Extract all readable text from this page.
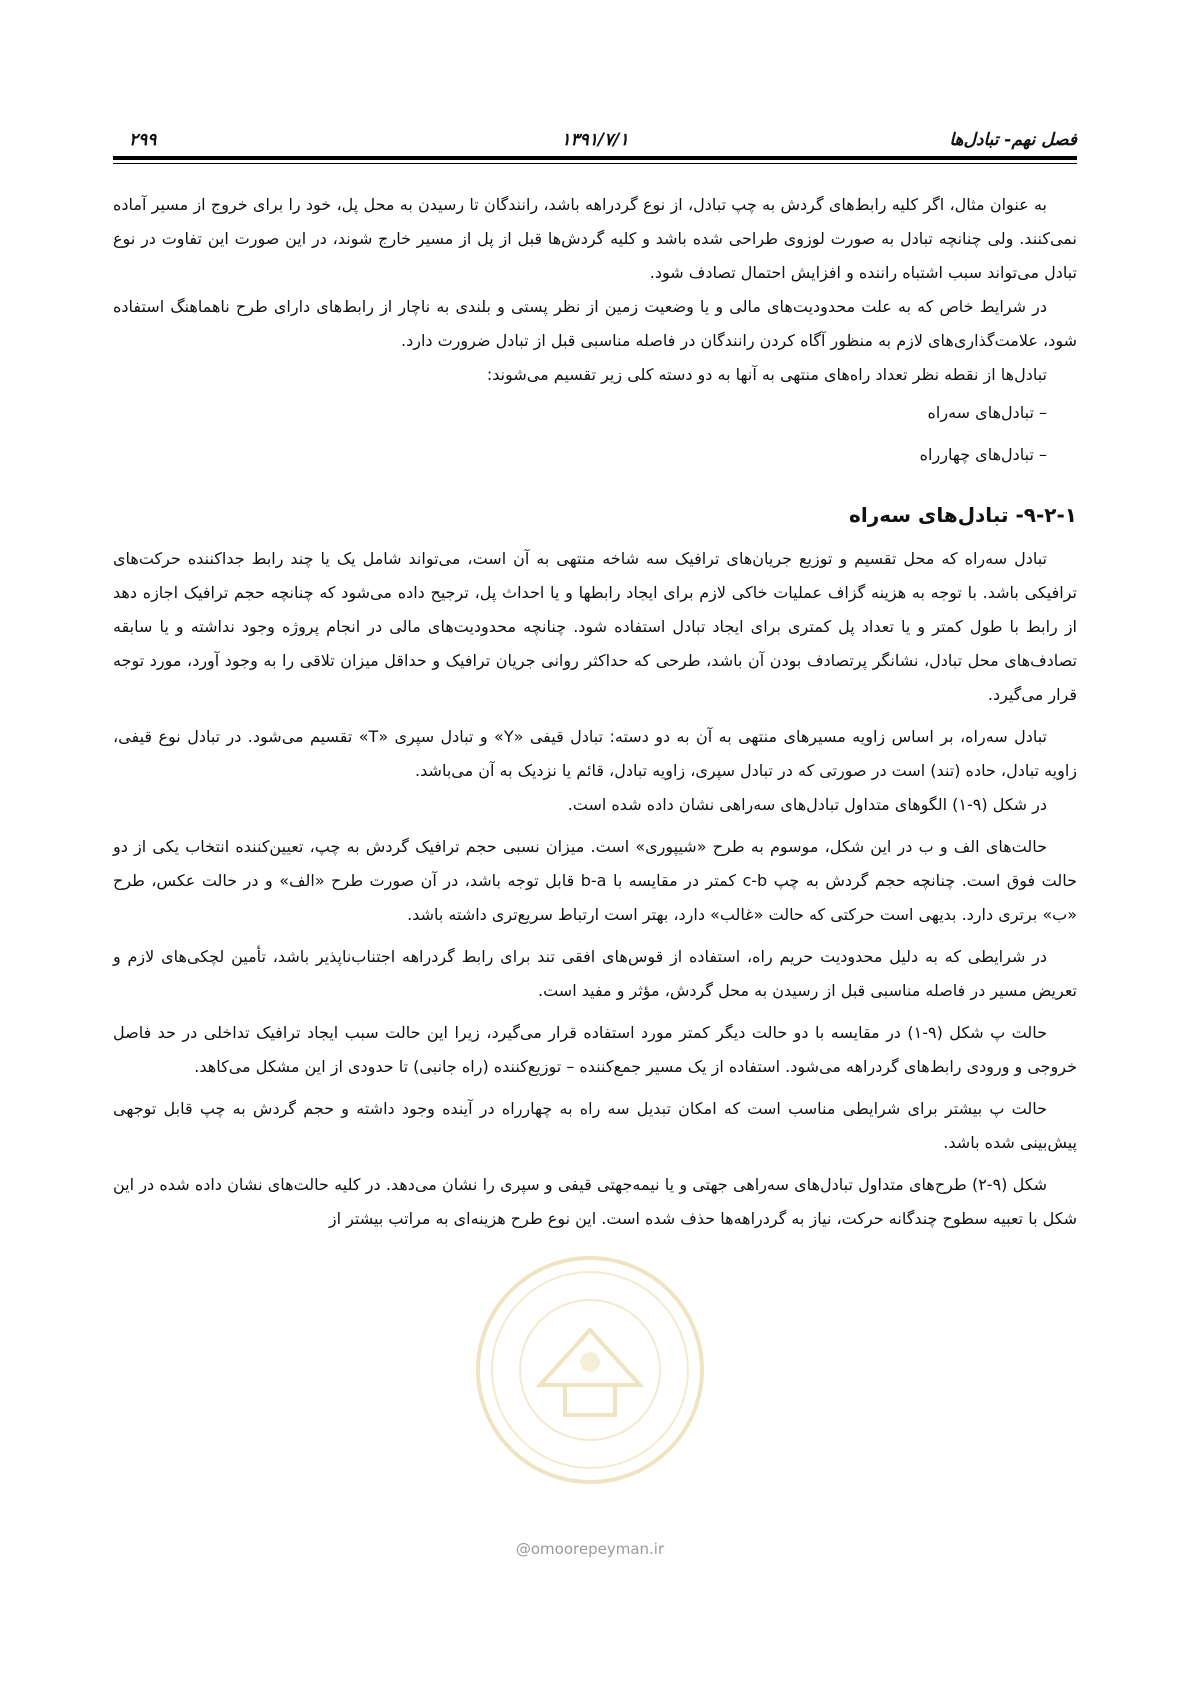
فصل نهم- تبادل‌ها
۱۳۹۱/۷/۱
۲۹۹

به عنوان مثال، اگر کلیه رابط‌های گردش به چپ تبادل، از نوع گردراهه باشد، رانندگان تا رسیدن به محل پل، خود را برای خروج از مسیر آماده نمی‌کنند. ولی چنانچه تبادل به صورت لوزوی طراحی شده باشد و کلیه گردش‌ها قبل از پل از مسیر خارج شوند، در این صورت این تفاوت در نوع تبادل می‌تواند سبب اشتباه راننده و افزایش احتمال تصادف شود.

در شرایط خاص که به علت محدودیت‌های مالی و یا وضعیت زمین از نظر پستی و بلندی به ناچار از رابط‌های دارای طرح ناهماهنگ استفاده شود، علامت‌گذاری‌های لازم به منظور آگاه کردن رانندگان در فاصله مناسبی قبل از تبادل ضرورت دارد.

تبادل‌ها از نقطه نظر تعداد راه‌های منتهی به آنها به دو دسته کلی زیر تقسیم می‌شوند:

– تبادل‌های سه‌راه

– تبادل‌های چهارراه

۹-۲-۱- تبادل‌های سه‌راه

تبادل سه‌راه که محل تقسیم و توزیع جریان‌های ترافیک سه شاخه منتهی به آن است، می‌تواند شامل یک یا چند رابط جداکننده حرکت‌های ترافیکی باشد. با توجه به هزینه گزاف عملیات خاکی لازم برای ایجاد رابطها و یا احداث پل، ترجیح داده می‌شود که چنانچه حجم ترافیک اجازه دهد از رابط با طول کمتر و یا تعداد پل کمتری برای ایجاد تبادل استفاده شود. چنانچه محدودیت‌های مالی در انجام پروژه وجود نداشته و یا سابقه تصادف‌های محل تبادل، نشانگر پرتصادف بودن آن باشد، طرحی که حداکثر روانی جریان ترافیک و حداقل میزان تلاقی را به وجود آورد، مورد توجه قرار می‌گیرد.

تبادل سه‌راه، بر اساس زاویه مسیرهای منتهی به آن به دو دسته: تبادل قیفی «Y» و تبادل سپری «T» تقسیم می‌شود. در تبادل نوع قیفی، زاویه تبادل، حاده (تند) است در صورتی که در تبادل سپری، زاویه تبادل، قائم یا نزدیک به آن می‌باشد.

در شکل (۹-۱) الگوهای متداول تبادل‌های سه‌راهی نشان داده شده است.

حالت‌های الف و ب در این شکل، موسوم به طرح «شیپوری» است. میزان نسبی حجم ترافیک گردش به چپ، تعیین‌کننده انتخاب یکی از دو حالت فوق است. چنانچه حجم گردش به چپ c-b کمتر در مقایسه با b-a قابل توجه باشد، در آن صورت طرح «الف» و در حالت عکس، طرح «ب» برتری دارد. بدیهی است حرکتی که حالت «غالب» دارد، بهتر است ارتباط سریع‌تری داشته باشد.

در شرایطی که به دلیل محدودیت حریم راه، استفاده از قوس‌های افقی تند برای رابط گردراهه اجتناب‌ناپذیر باشد، تأمین لچکی‌های لازم و تعریض مسیر در فاصله مناسبی قبل از رسیدن به محل گردش، مؤثر و مفید است.

حالت پ شکل (۹-۱) در مقایسه با دو حالت دیگر کمتر مورد استفاده قرار می‌گیرد، زیرا این حالت سبب ایجاد ترافیک تداخلی در حد فاصل خروجی و ورودی رابط‌های گردراهه می‌شود. استفاده از یک مسیر جمع‌کننده – توزیع‌کننده (راه جانبی) تا حدودی از این مشکل می‌کاهد.

حالت پ بیشتر برای شرایطی مناسب است که امکان تبدیل سه راه به چهارراه در آینده وجود داشته و حجم گردش به چپ قابل توجهی پیش‌بینی شده باشد.

شکل (۹-۲) طرح‌های متداول تبادل‌های سه‌راهی جهتی و یا نیمه‌جهتی قیفی و سپری را نشان می‌دهد. در کلیه حالت‌های نشان داده شده در این شکل با تعبیه سطوح چندگانه حرکت، نیاز به گردراهه‌ها حذف شده است. این نوع طرح هزینه‌ای به مراتب بیشتر از

@omoorepeyman.ir
